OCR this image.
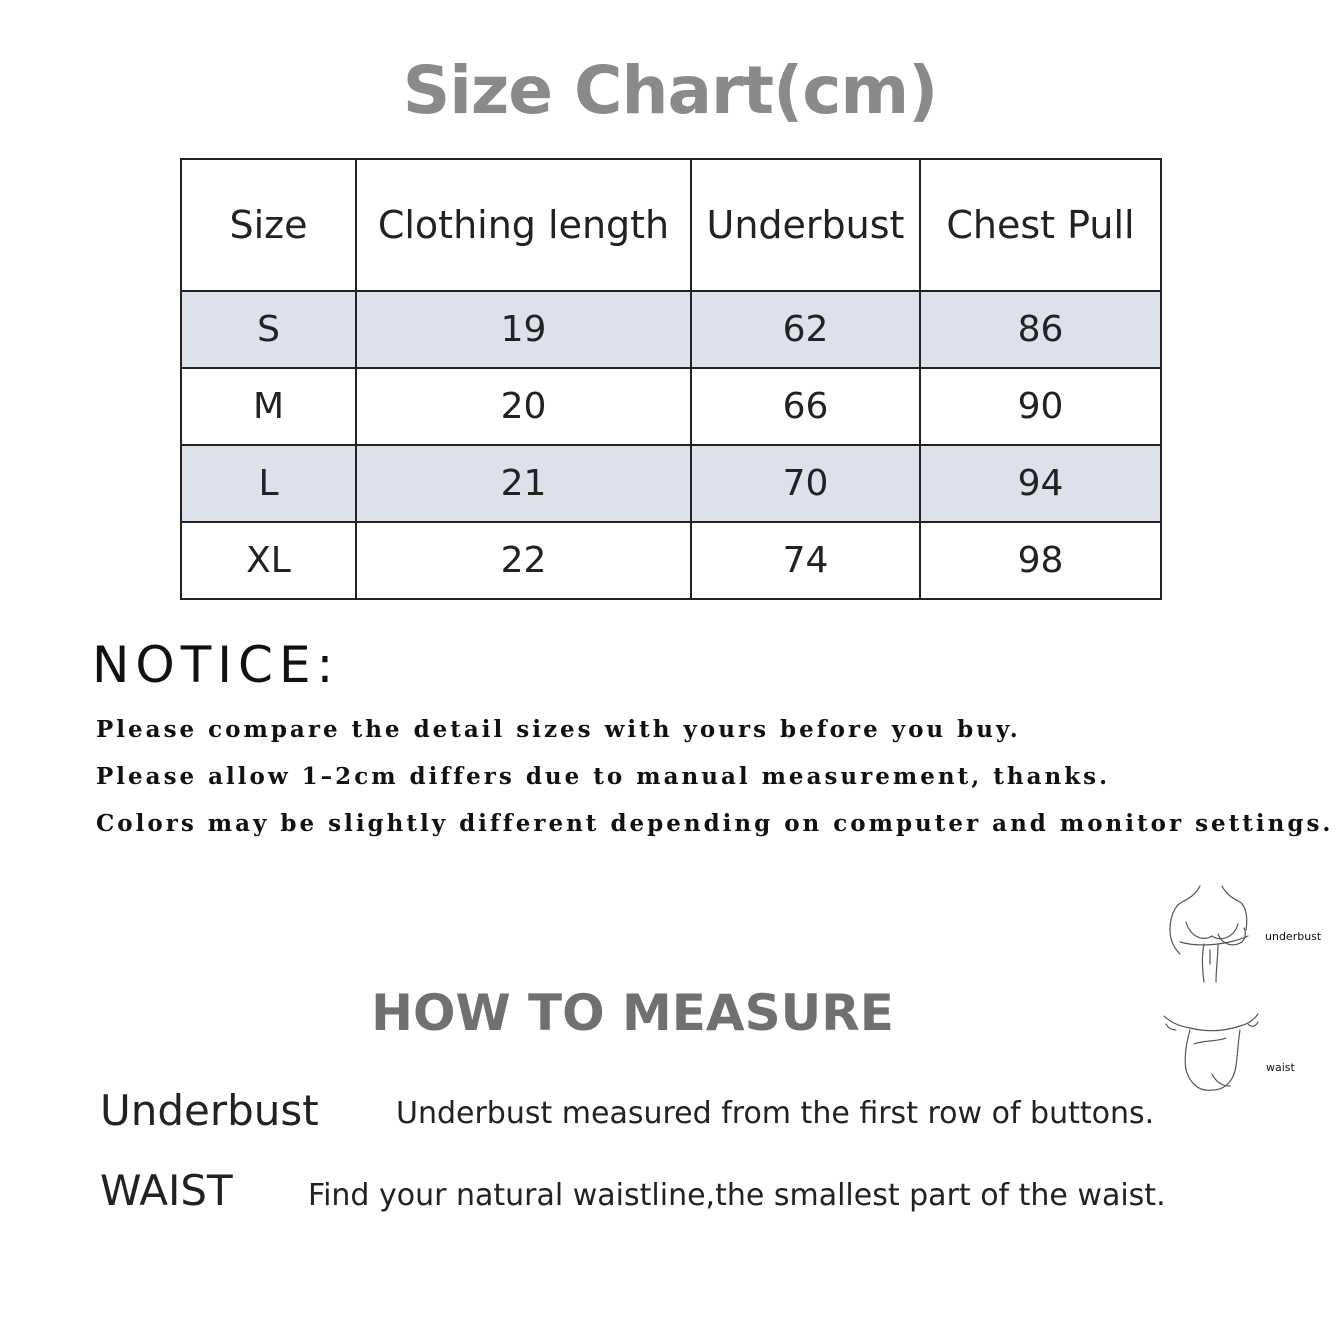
Size Chart(cm)
Size	Clothing length	Underbust	Chest Pull
S	19	62	86
M	20	66	90
L	21	70	94
XL	22	74	98
NOTICE:
Please compare the detail sizes with yours before you buy.
Please allow 1–2cm differs due to manual measurement, thanks.
Colors may be slightly different depending on computer and monitor settings.
underbust
waist
HOW TO MEASURE
Underbust	Underbust measured from the first row of buttons.
WAIST	Find your natural waistline,the smallest part of the waist.
